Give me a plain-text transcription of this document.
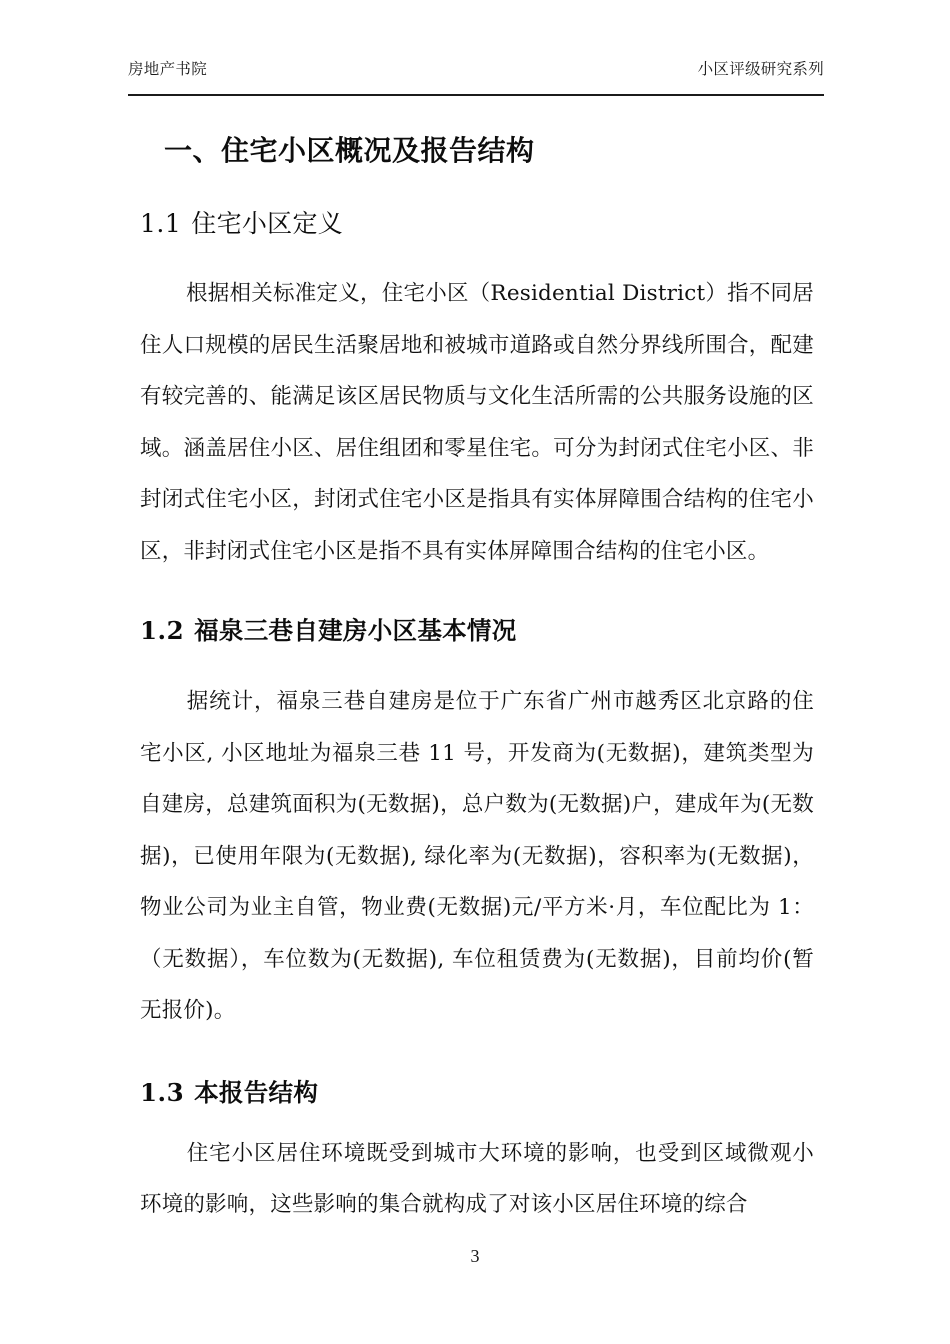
房地产书院	小区评级研究系列
一、住宅小区概况及报告结构
1.1 住宅小区定义

根据相关标准定义，住宅小区（Residential District）指不同居住人口规模的居民生活聚居地和被城市道路或自然分界线所围合，配建有较完善的、能满足该区居民物质与文化生活所需的公共服务设施的区域。涵盖居住小区、居住组团和零星住宅。可分为封闭式住宅小区、非封闭式住宅小区，封闭式住宅小区是指具有实体屏障围合结构的住宅小区，非封闭式住宅小区是指不具有实体屏障围合结构的住宅小区。

1.2 福泉三巷自建房小区基本情况

据统计，福泉三巷自建房是位于广东省广州市越秀区北京路的住宅小区, 小区地址为福泉三巷 11 号，开发商为(无数据)，建筑类型为自建房，总建筑面积为(无数据)，总户数为(无数据)户，建成年为(无数据)，已使用年限为(无数据), 绿化率为(无数据)，容积率为(无数据)，物业公司为业主自管，物业费(无数据)元/平方米·月，车位配比为 1：（无数据），车位数为(无数据), 车位租赁费为(无数据)，目前均价(暂无报价)。

1.3 本报告结构

住宅小区居住环境既受到城市大环境的影响，也受到区域微观小环境的影响，这些影响的集合就构成了对该小区居住环境的综合

3
